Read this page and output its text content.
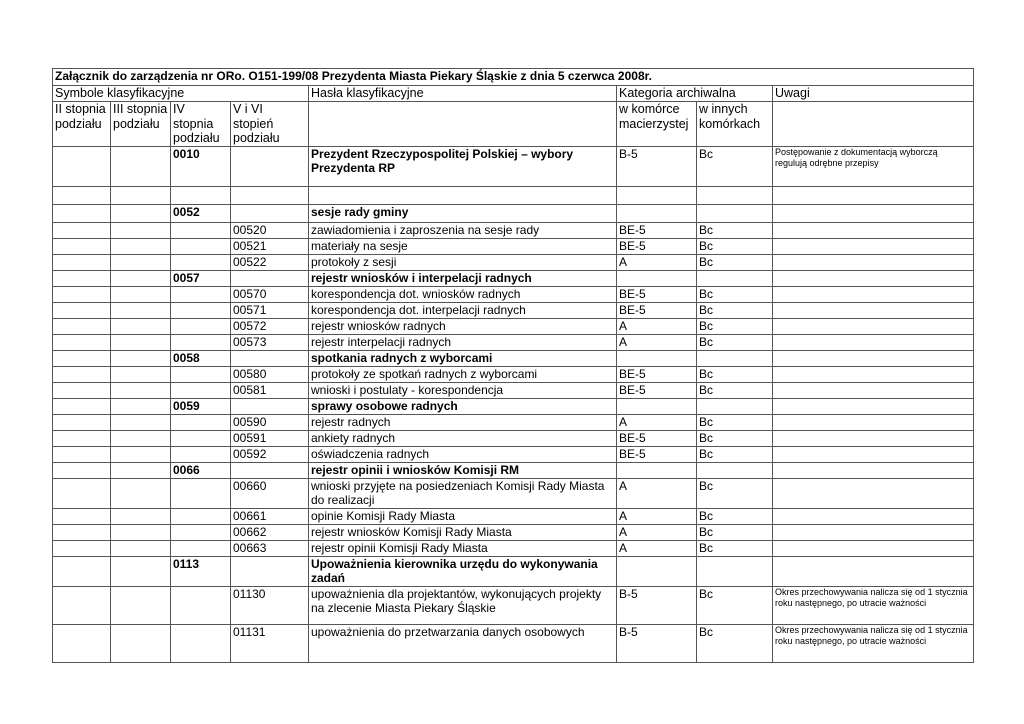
Załącznik do zarządzenia nr ORo. O151-199/08 Prezydenta Miasta Piekary Śląskie z dnia 5 czerwca 2008r.							
Symbole klasyfikacyjne				Hasła klasyfikacyjne	Kategoria archiwalna		Uwagi
II stopnia podziału	III stopnia podziału	IV stopnia podziału	V i VI stopień podziału		w komórce macierzystej	w innych komórkach	
		0010		Prezydent Rzeczypospolitej Polskiej – wybory Prezydenta RP	B-5	Bc	Postępowanie z dokumentacją wyborczą regulują odrębne przepisy

		0052		sesje rady gminy			
			00520	zawiadomienia i zaproszenia na sesje rady	BE-5	Bc	
			00521	materiały na sesje	BE-5	Bc	
			00522	protokoły z sesji	A	Bc	
		0057		rejestr wniosków i interpelacji radnych			
			00570	korespondencja dot. wniosków radnych	BE-5	Bc	
			00571	korespondencja dot. interpelacji radnych	BE-5	Bc	
			00572	rejestr wniosków radnych	A	Bc	
			00573	rejestr interpelacji radnych	A	Bc	
		0058		spotkania radnych z wyborcami			
			00580	protokoły ze spotkań radnych z wyborcami	BE-5	Bc	
			00581	wnioski i postulaty - korespondencja	BE-5	Bc	
		0059		sprawy osobowe radnych			
			00590	rejestr radnych	A	Bc	
			00591	ankiety radnych	BE-5	Bc	
			00592	oświadczenia radnych	BE-5	Bc	
		0066		rejestr opinii i wniosków Komisji RM			
			00660	wnioski przyjęte na posiedzeniach Komisji Rady Miasta do realizacji	A	Bc	
			00661	opinie Komisji Rady Miasta	A	Bc	
			00662	rejestr wniosków Komisji Rady Miasta	A	Bc	
			00663	rejestr opinii Komisji Rady Miasta	A	Bc	
		0113		Upoważnienia kierownika urzędu do wykonywania zadań			
			01130	upoważnienia dla projektantów, wykonujących projekty na zlecenie Miasta Piekary Śląskie	B-5	Bc	Okres przechowywania nalicza się od 1 stycznia roku następnego, po utracie ważności
			01131	upoważnienia do przetwarzania danych osobowych	B-5	Bc	Okres przechowywania nalicza się od 1 stycznia roku następnego, po utracie ważności
